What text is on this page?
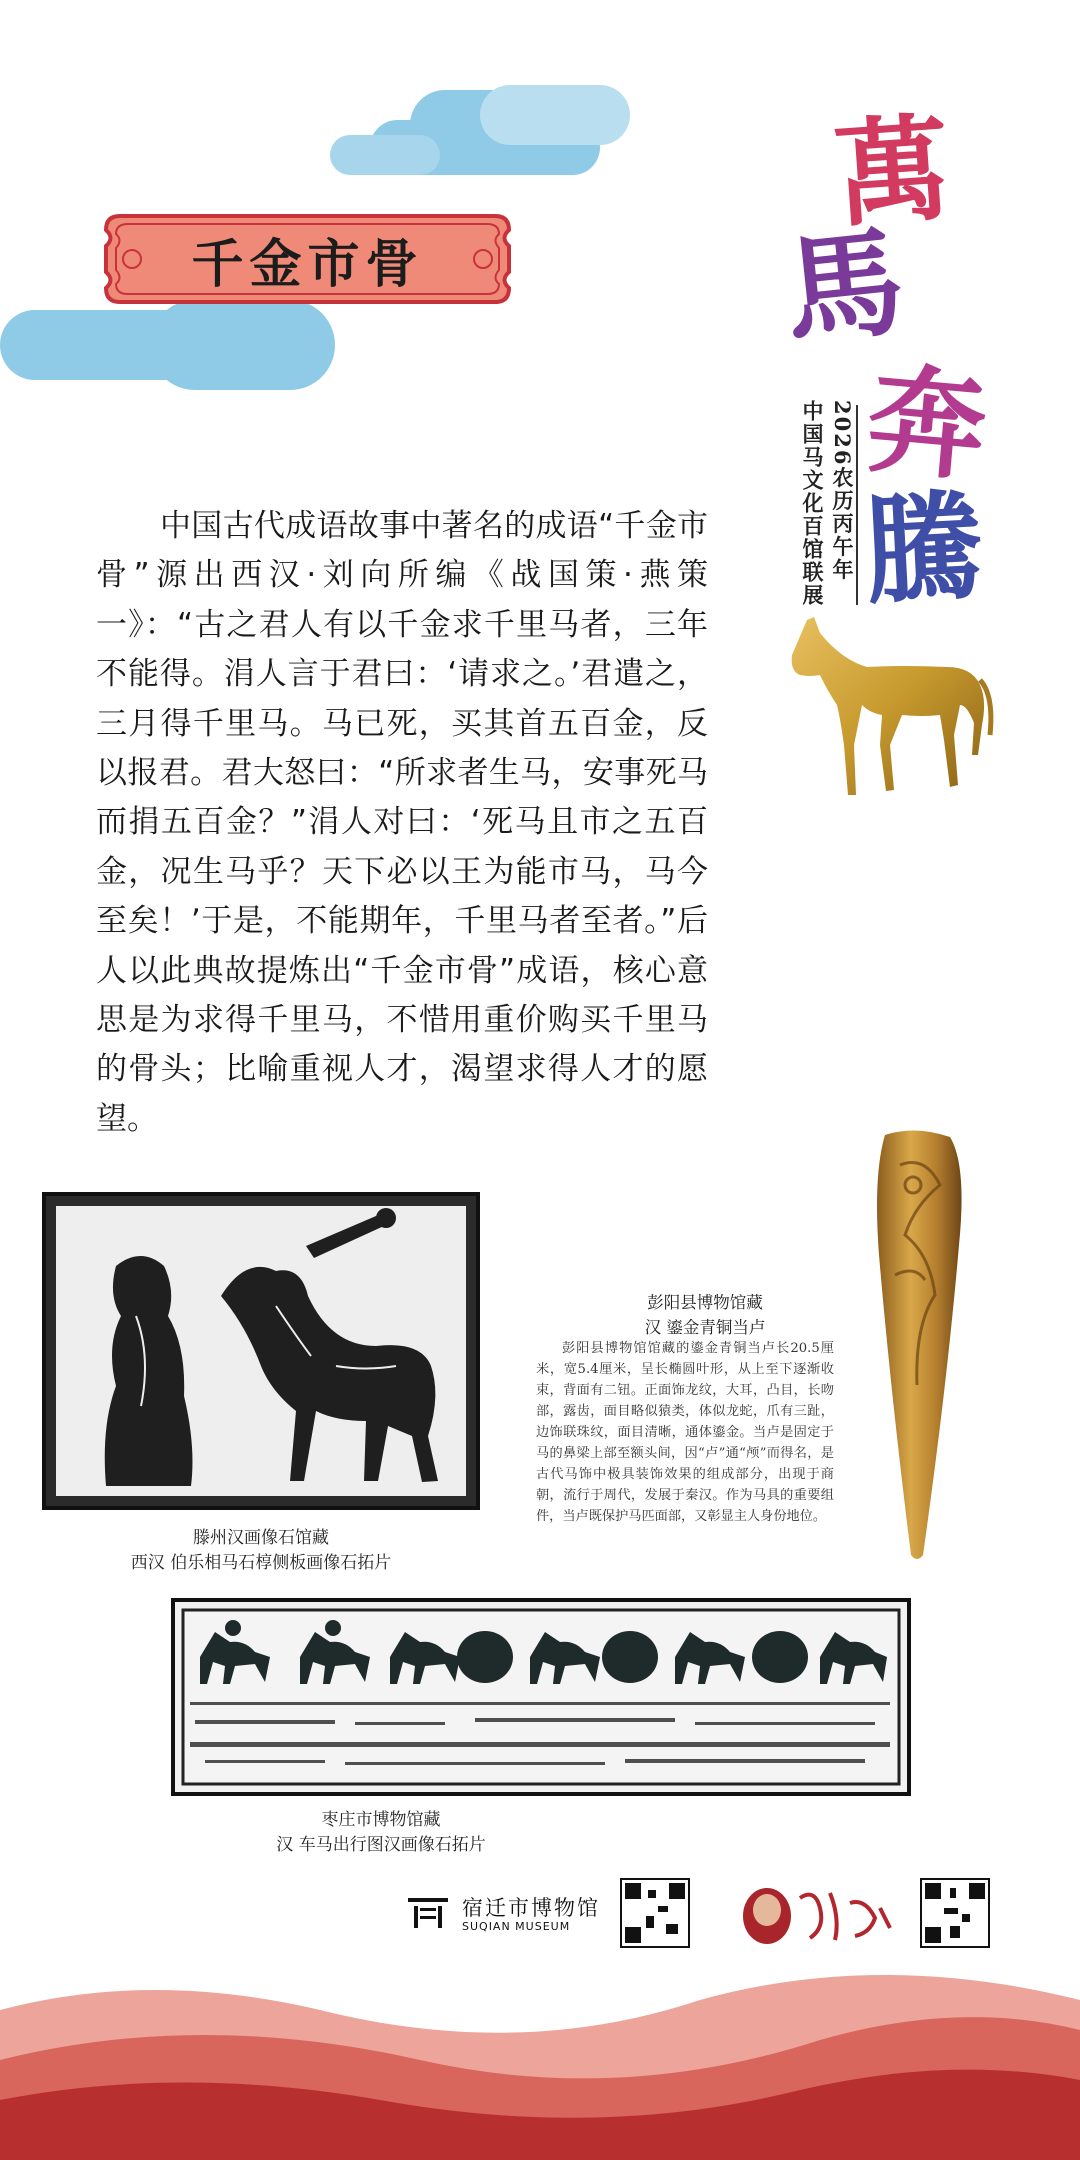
千金市骨
萬
馬
奔
騰
2026农历丙午年
中国马文化百馆联展

中国古代成语故事中著名的成语“千金市骨”源出西汉·刘向所编《战国策·燕策一》：“古之君人有以千金求千里马者，三年不能得。涓人言于君曰：‘请求之。’君遣之，三月得千里马。马已死，买其首五百金，反以报君。君大怒曰：“所求者生马，安事死马而捐五百金？”涓人对曰：‘死马且市之五百金，况生马乎？天下必以王为能市马，马今至矣！’于是，不能期年，千里马者至者。”后人以此典故提炼出“千金市骨”成语，核心意思是为求得千里马，不惜用重价购买千里马的骨头；比喻重视人才，渴望求得人才的愿望。

滕州汉画像石馆藏
西汉 伯乐相马石椁侧板画像石拓片
彭阳县博物馆藏
汉 鎏金青铜当卢

彭阳县博物馆馆藏的鎏金青铜当卢长20.5厘米，宽5.4厘米，呈长椭圆叶形，从上至下逐渐收束，背面有二钮。正面饰龙纹，大耳，凸目，长吻部，露齿，面目略似猿类，体似龙蛇，爪有三趾，边饰联珠纹，面目清晰，通体鎏金。当卢是固定于马的鼻梁上部至额头间，因“卢”通“颅”而得名，是古代马饰中极具装饰效果的组成部分，出现于商朝，流行于周代，发展于秦汉。作为马具的重要组件，当卢既保护马匹面部，又彰显主人身份地位。

枣庄市博物馆藏
汉 车马出行图汉画像石拓片
宿迁市博物馆
SUQIAN MUSEUM
